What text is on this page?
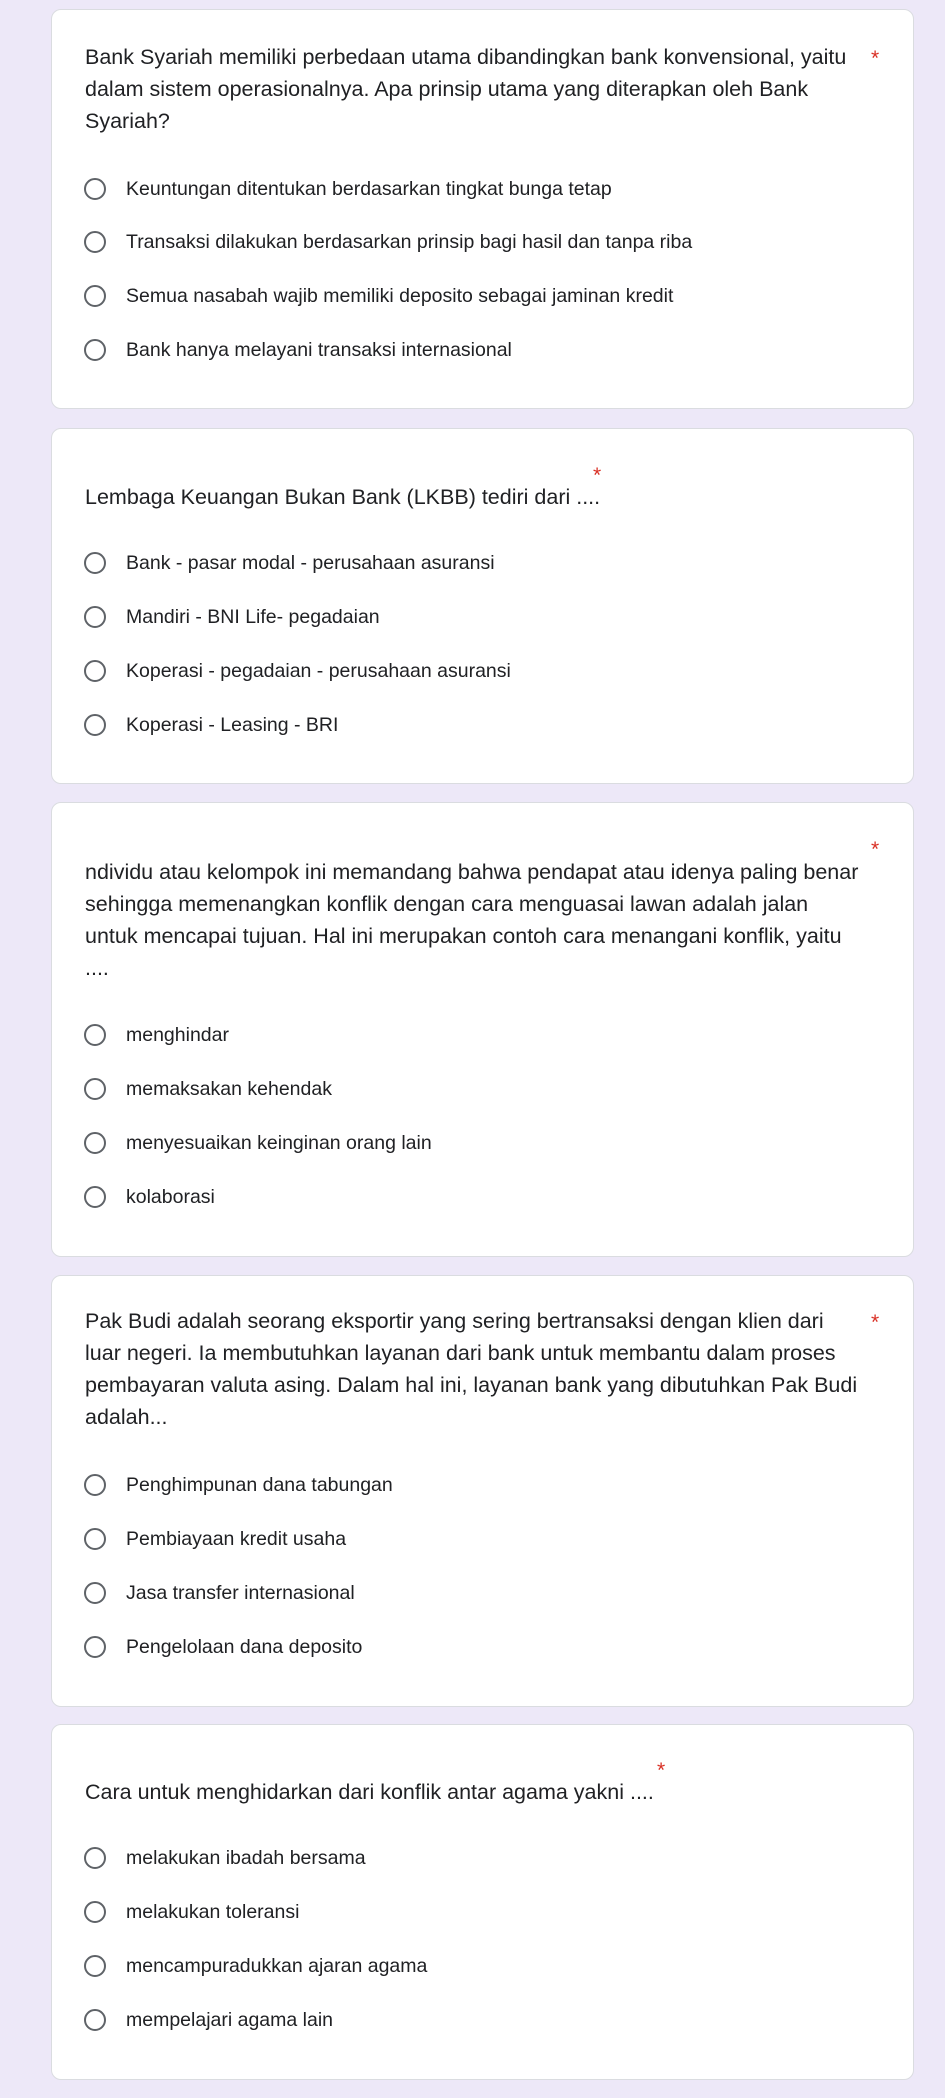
Bank Syariah memiliki perbedaan utama dibandingkan bank konvensional, yaitu dalam sistem operasionalnya. Apa prinsip utama yang diterapkan oleh Bank Syariah?
*
Keuntungan ditentukan berdasarkan tingkat bunga tetap
Transaksi dilakukan berdasarkan prinsip bagi hasil dan tanpa riba
Semua nasabah wajib memiliki deposito sebagai jaminan kredit
Bank hanya melayani transaksi internasional
Lembaga Keuangan Bukan Bank (LKBB) tediri dari ....
*
Bank - pasar modal - perusahaan asuransi
Mandiri - BNI Life- pegadaian
Koperasi - pegadaian - perusahaan asuransi
Koperasi - Leasing - BRI
ndividu atau kelompok ini memandang bahwa pendapat atau idenya paling benar sehingga memenangkan konflik dengan cara menguasai lawan adalah jalan untuk mencapai tujuan. Hal ini merupakan contoh cara menangani konflik, yaitu ....
*
menghindar
memaksakan kehendak
menyesuaikan keinginan orang lain
kolaborasi
Pak Budi adalah seorang eksportir yang sering bertransaksi dengan klien dari luar negeri. Ia membutuhkan layanan dari bank untuk membantu dalam proses pembayaran valuta asing. Dalam hal ini, layanan bank yang dibutuhkan Pak Budi adalah...
*
Penghimpunan dana tabungan
Pembiayaan kredit usaha
Jasa transfer internasional
Pengelolaan dana deposito
Cara untuk menghidarkan dari konflik antar agama yakni ....
*
melakukan ibadah bersama
melakukan toleransi
mencampuradukkan ajaran agama
mempelajari agama lain
